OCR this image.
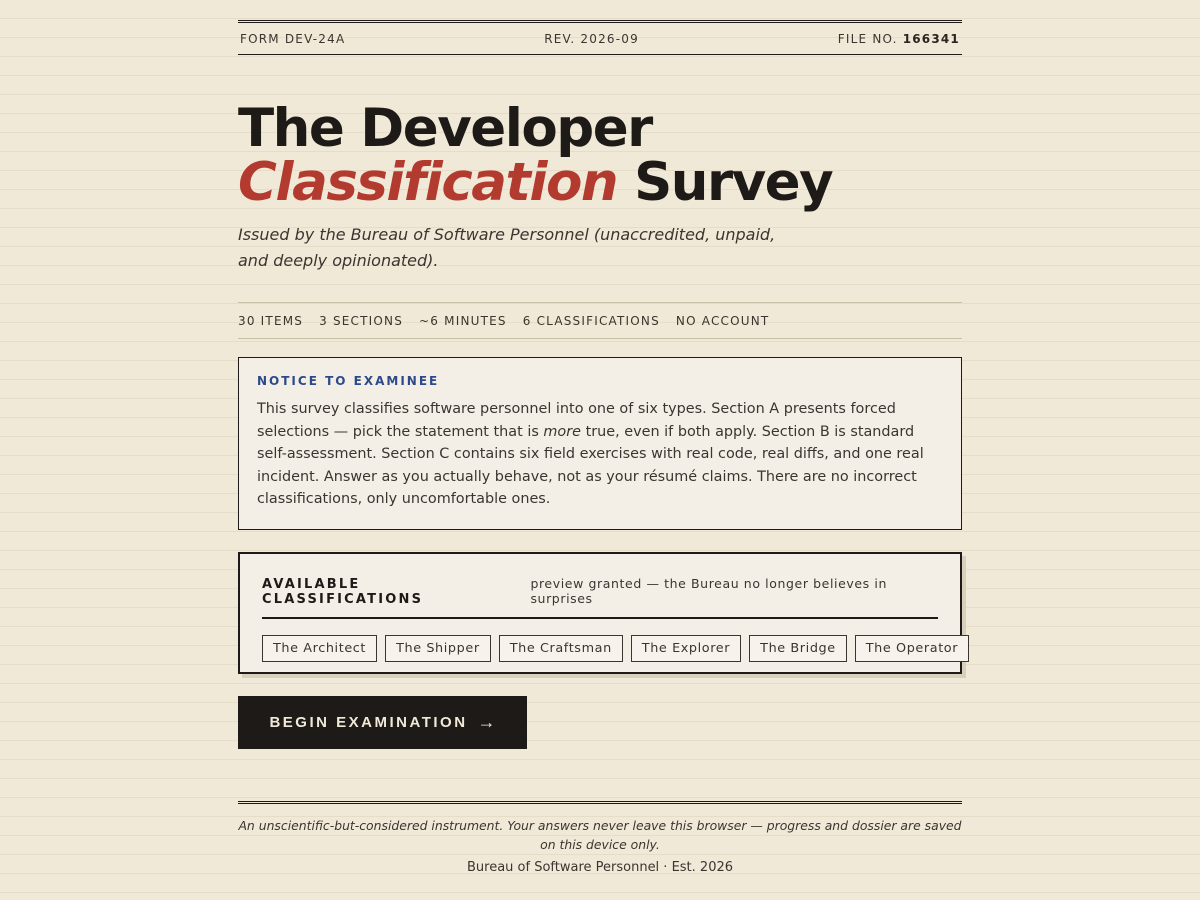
FORM DEV-24A	REV. 2026-09	FILE NO. 166341
The Developer
Classification Survey

Issued by the Bureau of Software Personnel (unaccredited, unpaid, and deeply opinionated).

30 ITEMS 3 SECTIONS ~6 MINUTES 6 CLASSIFICATIONS NO ACCOUNT
NOTICE TO EXAMINEE

This survey classifies software personnel into one of six types. Section A presents forced selections — pick the statement that is more true, even if both apply. Section B is standard self-assessment. Section C contains six field exercises with real code, real diffs, and one real incident. Answer as you actually behave, not as your résumé claims. There are no incorrect classifications, only uncomfortable ones.

AVAILABLE CLASSIFICATIONS
preview granted — the Bureau no longer believes in surprises
The Architect	The Shipper	The Craftsman	The Explorer	The Bridge	The Operator
BEGIN EXAMINATION →

An unscientific-but-considered instrument. Your answers never leave this browser — progress and dossier are saved on this device only.

Bureau of Software Personnel · Est. 2026
